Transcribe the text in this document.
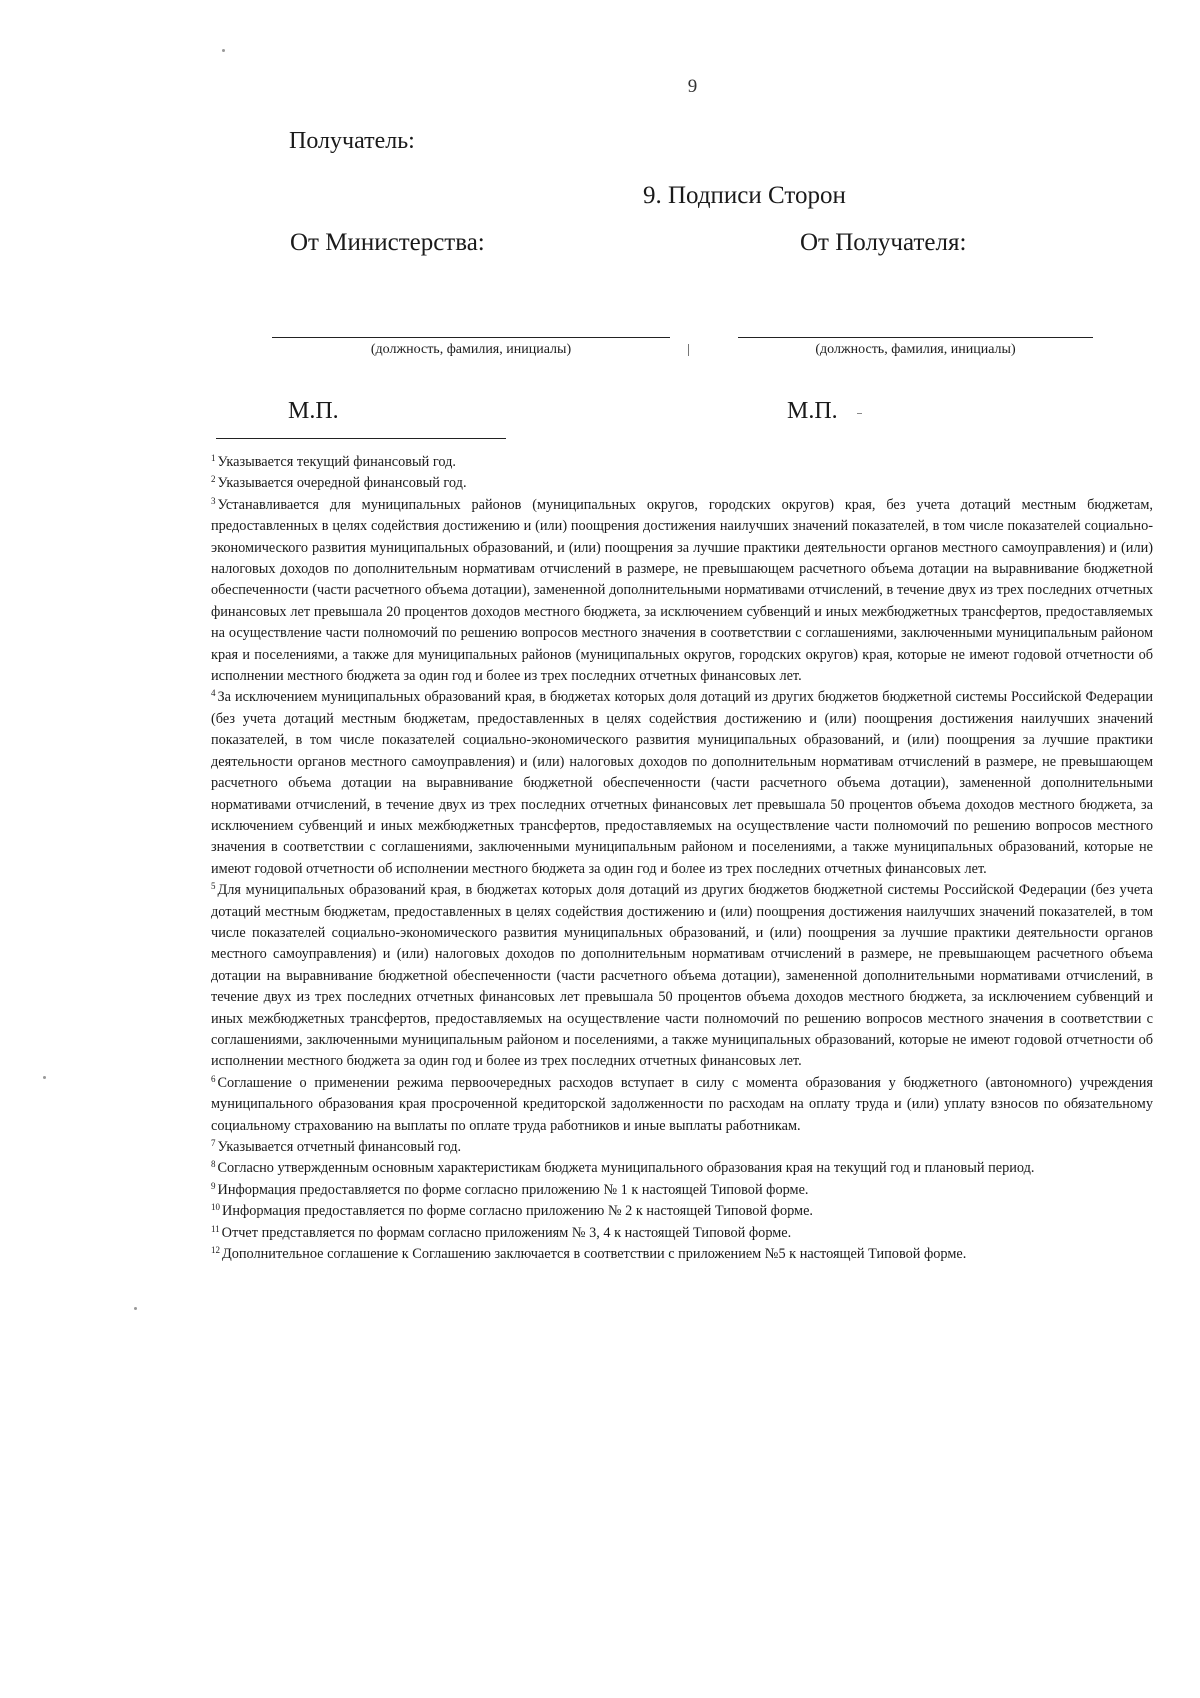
9
Получатель:
9. Подписи Сторон
От Министерства:	От Получателя:
(должность, фамилия, инициалы)	(должность, фамилия, инициалы)
М.П.	М.П.

$^1$ Указывается текущий финансовый год.

$^2$ Указывается очередной финансовый год.

$^3$ Устанавливается для муниципальных районов (муниципальных округов, городских округов) края, без учета дотаций местным бюджетам, предоставленных в целях содействия достижению и (или) поощрения достижения наилучших значений показателей, в том числе показателей социально-экономического развития муниципальных образований, и (или) поощрения за лучшие практики деятельности органов местного самоуправления) и (или) налоговых доходов по дополнительным нормативам отчислений в размере, не превышающем расчетного объема дотации на выравнивание бюджетной обеспеченности (части расчетного объема дотации), замененной дополнительными нормативами отчислений, в течение двух из трех последних отчетных финансовых лет превышала 20 процентов доходов местного бюджета, за исключением субвенций и иных межбюджетных трансфертов, предоставляемых на осуществление части полномочий по решению вопросов местного значения в соответствии с соглашениями, заключенными муниципальным районом края и поселениями, а также для муниципальных районов (муниципальных округов, городских округов) края, которые не имеют годовой отчетности об исполнении местного бюджета за один год и более из трех последних отчетных финансовых лет.

$^4$ За исключением муниципальных образований края, в бюджетах которых доля дотаций из других бюджетов бюджетной системы Российской Федерации (без учета дотаций местным бюджетам, предоставленных в целях содействия достижению и (или) поощрения достижения наилучших значений показателей, в том числе показателей социально-экономического развития муниципальных образований, и (или) поощрения за лучшие практики деятельности органов местного самоуправления) и (или) налоговых доходов по дополнительным нормативам отчислений в размере, не превышающем расчетного объема дотации на выравнивание бюджетной обеспеченности (части расчетного объема дотации), замененной дополнительными нормативами отчислений, в течение двух из трех последних отчетных финансовых лет превышала 50 процентов объема доходов местного бюджета, за исключением субвенций и иных межбюджетных трансфертов, предоставляемых на осуществление части полномочий по решению вопросов местного значения в соответствии с соглашениями, заключенными муниципальным районом и поселениями, а также муниципальных образований, которые не имеют годовой отчетности об исполнении местного бюджета за один год и более из трех последних отчетных финансовых лет.

$^5$ Для муниципальных образований края, в бюджетах которых доля дотаций из других бюджетов бюджетной системы Российской Федерации (без учета дотаций местным бюджетам, предоставленных в целях содействия достижению и (или) поощрения достижения наилучших значений показателей, в том числе показателей социально-экономического развития муниципальных образований, и (или) поощрения за лучшие практики деятельности органов местного самоуправления) и (или) налоговых доходов по дополнительным нормативам отчислений в размере, не превышающем расчетного объема дотации на выравнивание бюджетной обеспеченности (части расчетного объема дотации), замененной дополнительными нормативами отчислений, в течение двух из трех последних отчетных финансовых лет превышала 50 процентов объема доходов местного бюджета, за исключением субвенций и иных межбюджетных трансфертов, предоставляемых на осуществление части полномочий по решению вопросов местного значения в соответствии с соглашениями, заключенными муниципальным районом и поселениями, а также муниципальных образований, которые не имеют годовой отчетности об исполнении местного бюджета за один год и более из трех последних отчетных финансовых лет.

$^6$ Соглашение о применении режима первоочередных расходов вступает в силу с момента образования у бюджетного (автономного) учреждения муниципального образования края просроченной кредиторской задолженности по расходам на оплату труда и (или) уплату взносов по обязательному социальному страхованию на выплаты по оплате труда работников и иные выплаты работникам.

$^7$ Указывается отчетный финансовый год.

$^8$ Согласно утвержденным основным характеристикам бюджета муниципального образования края на текущий год и плановый период.

$^9$ Информация предоставляется по форме согласно приложению № 1 к настоящей Типовой форме.

$^{10}$ Информация предоставляется по форме согласно приложению № 2 к настоящей Типовой форме.

$^{11}$ Отчет представляется по формам согласно приложениям № 3, 4 к настоящей Типовой форме.

$^{12}$ Дополнительное соглашение к Соглашению заключается в соответствии с приложением №5 к настоящей Типовой форме.
